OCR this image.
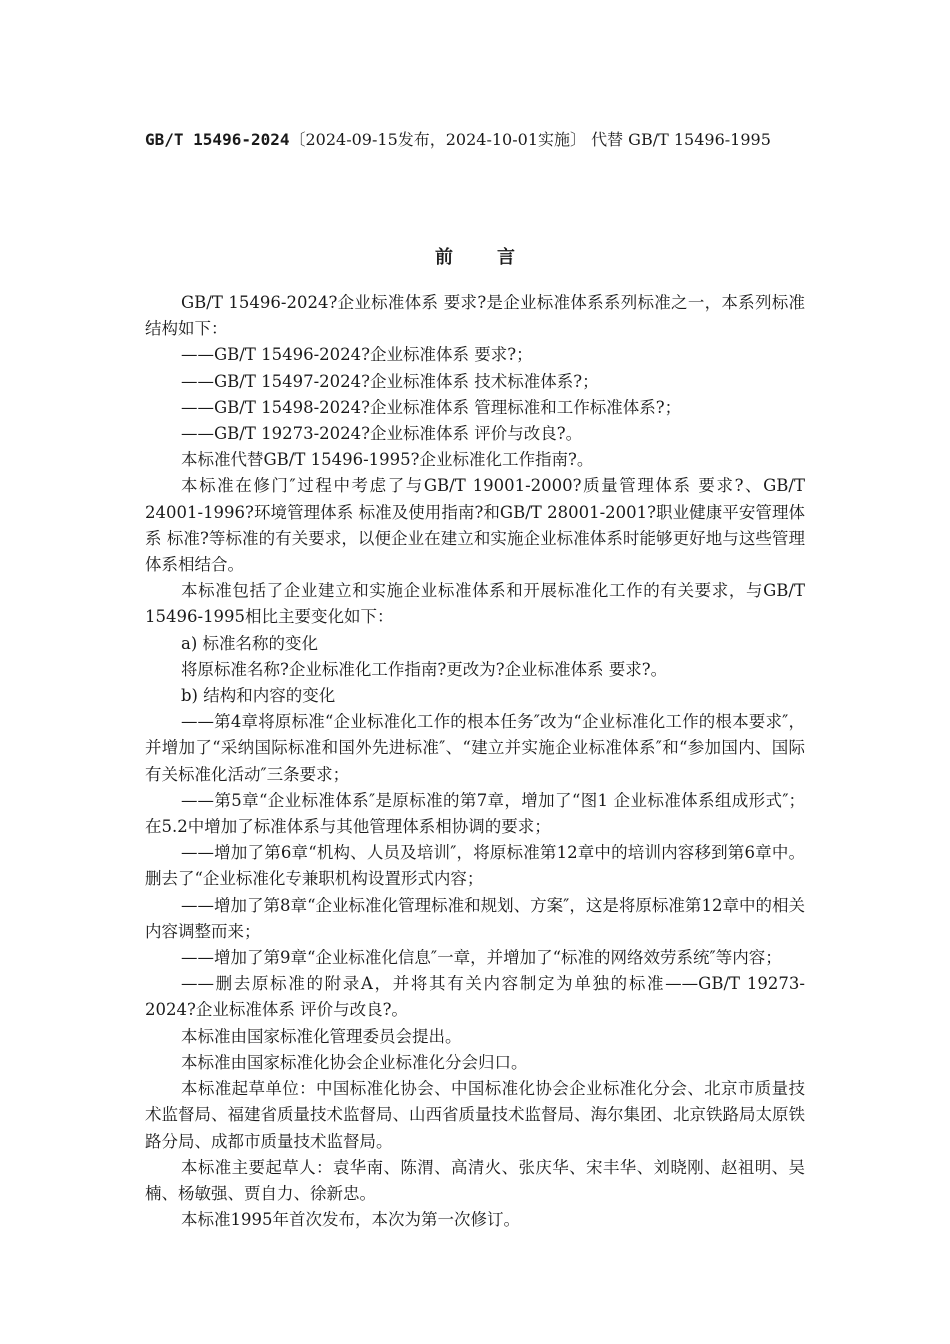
GB/T 15496-2024〔2024-09-15发布，2024-10-01实施〕 代替 GB/T 15496-1995
前言

GB/T 15496-2024?企业标准体系 要求?是企业标准体系系列标准之一，本系列标准结构如下：

——GB/T 15496-2024?企业标准体系 要求?；

——GB/T 15497-2024?企业标准体系 技术标准体系?；

——GB/T 15498-2024?企业标准体系 管理标准和工作标准体系?；

——GB/T 19273-2024?企业标准体系 评价与改良?。

本标准代替GB/T 15496-1995?企业标准化工作指南?。

本标准在修门″过程中考虑了与GB/T 19001-2000?质量管理体系 要求?、GB/T 24001-1996?环境管理体系 标准及使用指南?和GB/T 28001-2001?职业健康平安管理体系 标准?等标准的有关要求，以便企业在建立和实施企业标准体系时能够更好地与这些管理体系相结合。

本标准包括了企业建立和实施企业标准体系和开展标准化工作的有关要求，与GB/T 15496-1995相比主要变化如下：

a) 标准名称的变化

将原标准名称?企业标准化工作指南?更改为?企业标准体系 要求?。

b) 结构和内容的变化

——第4章将原标准“企业标准化工作的根本任务″改为“企业标准化工作的根本要求″，并增加了“采纳国际标准和国外先进标准″、“建立并实施企业标准体系″和“参加国内、国际有关标准化活动″三条要求；

——第5章“企业标准体系″是原标准的第7章，增加了“图1 企业标准体系组成形式″；在5.2中增加了标准体系与其他管理体系相协调的要求；

——增加了第6章“机构、人员及培训″，将原标准第12章中的培训内容移到第6章中。删去了“企业标准化专兼职机构设置形式内容；

——增加了第8章“企业标准化管理标准和规划、方案″，这是将原标准第12章中的相关内容调整而来；

——增加了第9章“企业标准化信息″一章，并增加了“标准的网络效劳系统″等内容；

——删去原标准的附录A，并将其有关内容制定为单独的标准——GB/T 19273-2024?企业标准体系 评价与改良?。

本标准由国家标准化管理委员会提出。

本标准由国家标准化协会企业标准化分会归口。

本标准起草单位：中国标准化协会、中国标准化协会企业标准化分会、北京市质量技术监督局、福建省质量技术监督局、山西省质量技术监督局、海尔集团、北京铁路局太原铁路分局、成都市质量技术监督局。

本标准主要起草人：袁华南、陈渭、高清火、张庆华、宋丰华、刘晓刚、赵祖明、吴楠、杨敏强、贾自力、徐新忠。

本标准1995年首次发布，本次为第一次修订。
